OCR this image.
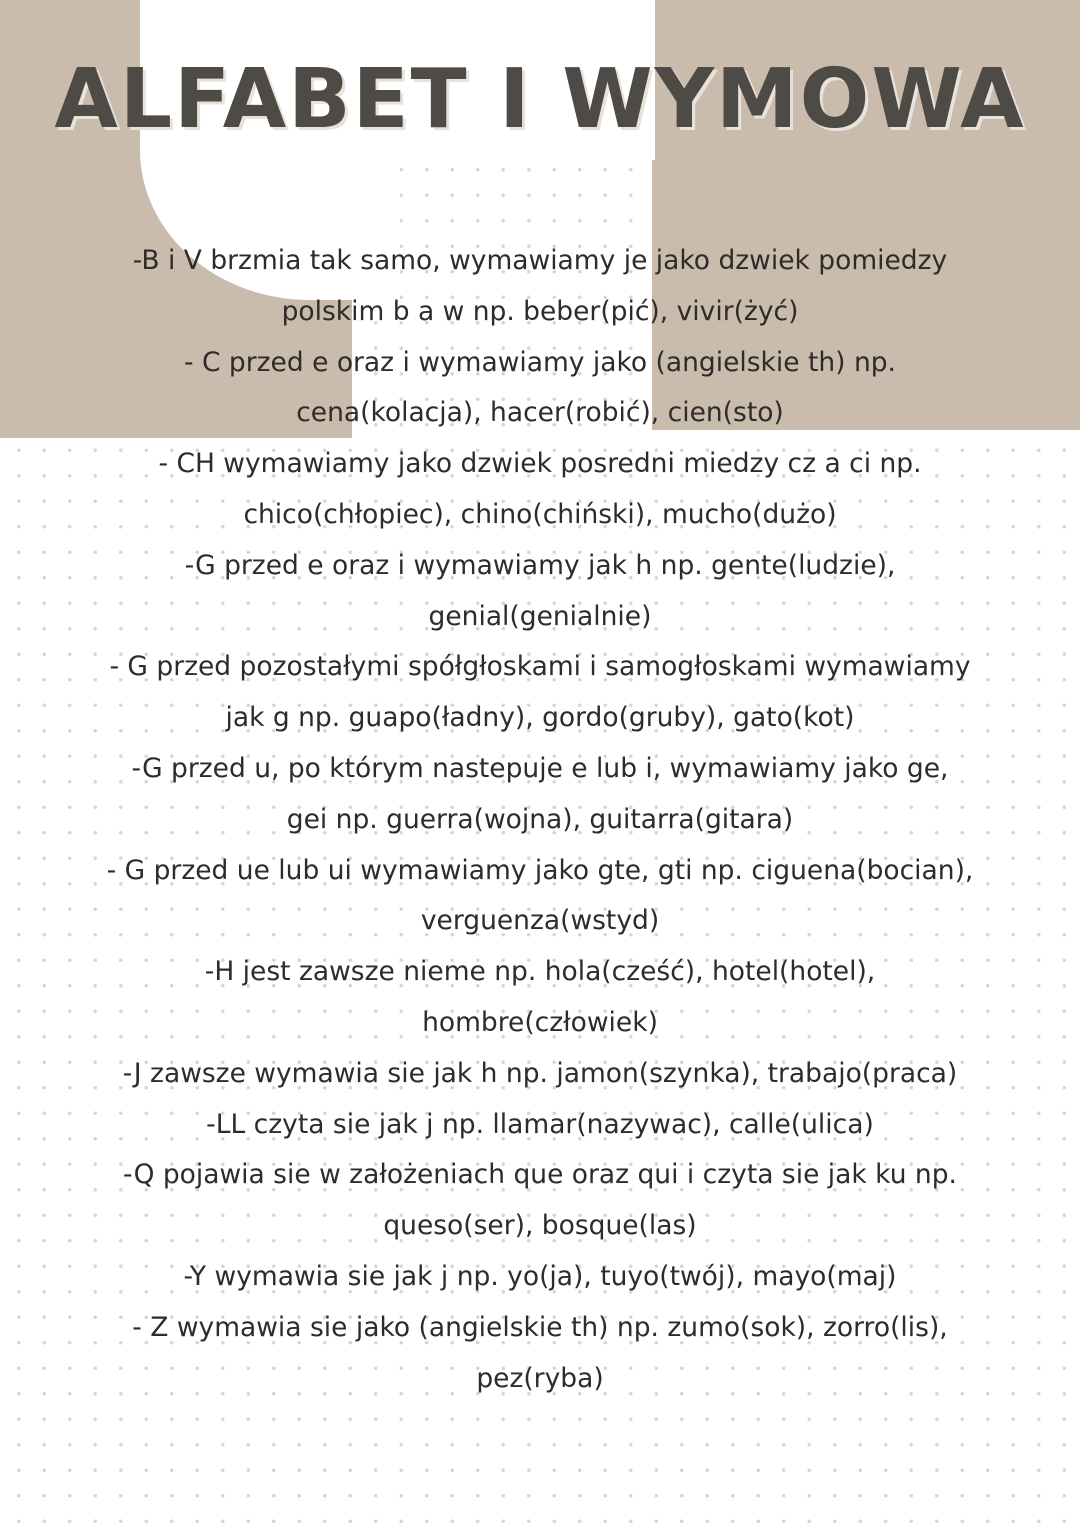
ALFABET I WYMOWA
-B i V brzmia tak samo, wymawiamy je jako dzwiek pomiedzy
polskim b a w np. beber(pić), vivir(żyć)
- C przed e oraz i wymawiamy jako (angielskie th) np.
cena(kolacja), hacer(robić), cien(sto)
- CH wymawiamy jako dzwiek posredni miedzy cz a ci np.
chico(chłopiec), chino(chiński), mucho(dużo)
-G przed e oraz i wymawiamy jak h np. gente(ludzie),
genial(genialnie)
- G przed pozostałymi spółgłoskami i samogłoskami wymawiamy
jak g np. guapo(ładny), gordo(gruby), gato(kot)
-G przed u, po którym nastepuje e lub i, wymawiamy jako ge,
gei np. guerra(wojna), guitarra(gitara)
- G przed ue lub ui wymawiamy jako gte, gti np. ciguena(bocian),
verguenza(wstyd)
-H jest zawsze nieme np. hola(cześć), hotel(hotel),
hombre(człowiek)
-J zawsze wymawia sie jak h np. jamon(szynka), trabajo(praca)
-LL czyta sie jak j np. llamar(nazywac), calle(ulica)
-Q pojawia sie w założeniach que oraz qui i czyta sie jak ku np.
queso(ser), bosque(las)
-Y wymawia sie jak j np. yo(ja), tuyo(twój), mayo(maj)
- Z wymawia sie jako (angielskie th) np. zumo(sok), zorro(lis),
pez(ryba)
